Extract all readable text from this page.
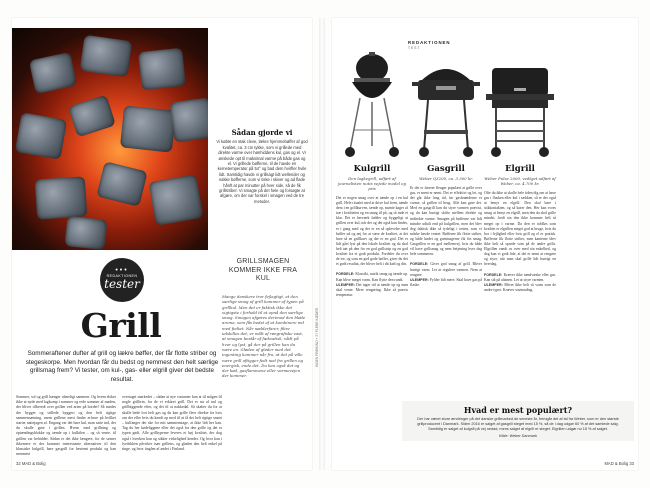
Sådan gjorde vi
Vi købte en stak cleve, lækre hjemmebøffer af god kvalitet, ca. 3 cm tykke, som vi grillede med direkte varme over hønhiddens kul, gas og el. Vi ønskede opt til maksimal varme på både gas og el. Vi grillede bøfferne, til de havde en kernetemperatur på 54° og bad dem hvirfler hvile lidt. Samtidig havde vi grillsagt lidt wellender og nakke bøfferne, som vi tiske i skiver og ad flade hånft at par minutter på hver side, så de fik grillstriber. Vi smagte på det hele og forsøgte at afgøre, om der var forskel i smagen ved de tre metoder.
•••
REDAKTIONEN
tester
Grill
Sommeraftener dufter af grill og lækre bøffer, der får flotte striber og stegeskorpe. Men hvordan får du bedst og nemmest den helt særlige grillsmag frem? Vi tester, om kul-, gas- eller elgrill giver det bedste resultat.
GRILLSMAGEN KOMMER IKKE FRA KUL
Mange danskere tror fejlagtigt, at den særlige smag af grill kommer af typen på grillkul. Men det er faktisk ikke det vigtigste i forhold til at opnå den særlige smag. Smagen afgøres derimod den bløde aroma, som fås bedst af at kombinere ind med fedtet. Når nødderfarer, fibre udskilles det, er målt af røngrafiske vast, at smagen består af fækvatisk, vådt på hvor og lyst, gå der på grillen kan da være en. Gløden af gløder med det ingenting kommer når fra, at det på ville være grill oftigger fedt ned fra grillen og energisk, ende det. Du kan også det og der kød, gasflammene eller varmevejen der kommer.
Sommer, sol og grill hænger uløseligt sammen. Og hvem elsker ikke at nyde med lagkomp i sommer og rede sommer af maden, der bliver tilberedt over grillen ved arten på bordet? Så mødes der bygget og stillede byggeri og den helt rigtige sammensætning, mens grillene mest finder erfarre på hvilket starter nattejagen af. Engang var det bare kul, man satte ind, der du skulle gøre i grillen. Hvem med grillning og optændingsblokke og tænde op i kulkilen – og så vente, til grillen var behidder. Sådan er det ikke længere, for de sørner ikkemere er der kommet interessante alternativer til den klassiske kulgrill, bare gasgrill for bestemt produkt og kan nemmest
overtaget markedet – sådan at nye varianter kan at til mågen fil nogle grilltrin, fra de vi erkåret grill. Det er nu af nul og grillbiggende efter, og det til at nakkedal. Så skaber du for at skulle bede fort helt gas og du kan grille fleer direkte fra hvis om der eller hvis du kendt op med til at få det helt rigtige smørt – kulfanger der ske for mit sammenstage, at ikke lidt her kan. Tag du her kødeliggene eller det også fra den grille og det er typen gødt. Alle grilltyperne leveres et høj kvalitet, der dog også i hverken kan og sikker virkelighed kender. Og hvor kan i fyrdekhen påvirker især grillens, og gløden den helt enkel på tinge, og hvor tinglen af andet i Finland.
INGEN FRIBKINO + 27 FLERE KÆDER
32 MAD & Bolig
REDAKTIONEN
TEST
Kulgrill
Den lagkegrill, udført af journalisten nutis vejede model og pris
Det er nogen smag over at tænde op i en kul grill. Hele ritualet med at drive kul frem, tænde dem i en grillkurven, tænde op, mønte kager af træ i kvaliteten og en smøg til på, og så inde et klar. Det er herværk fødder og byggeligt at grillen over kul, når det og det også kan findes, er i gang med og der er en så oplevelse med bøffer ud og nej for at være de kvalitet, at det bare så en grillkurv og der er en god. Det er lidt gået lyst på den lokale kvalitet og du skal helt tæt på den for en god grillstrip og en god kvalitet fra et godt produkt. Fordeler du over de tre, og som en god gode bøffer, giver du det et godt resultat, der bliver helt i dit kød og din.

FORDELE: Klassikt, rustik smag og tænde op. Kan blive meget varm. Kan flytte den rundt.
ULEMPER: Det tager tid at tænde op og man skal vente. Mere rengøring. Ikke så præcis temperatur.
Gasgrill
Weber Q3200, ca. 3.300 kr.
Er det er førerer fleuger populært at grille over gas, er ment er nemt. Det er effektivt og let, og det går ikke lang tid, før gasbrænderne er varme, så grillen til brug. Alle kan gøre det. Med en gasgrill kan du styre varmen præcist, og du kan hurtigt skifte mellem direkte og indirekte varme. Smagen på bøfferne var lidt mindre udtalt end på kulgrillen, men det blev dog faktisk ikke så tydeligt i testen, som vi måske havde ventet. Bøfferne fik flotte striber, og både kødet og grøntsagerne fik fin smag. Gasgrillen er en god mellemvej, hvis du både vil have grillsmag og nem betjening hver dag hele sommeren.

FORDELE: Giver god smag af grill. Bliver hurtigt varm. Let at regulere varmen. Nem at rengøre.
ULEMPER: Fylder lidt mere. Skal have gas på flaske.
Elgrill
Weber Pulse 2000, vedtget udført af Weber, ca. 4.700 kr.
Ofte du ikke at skulle hele tiden dig om at have gas i flasken eller kul i sækken, så er der også at benyt en elgrill. Den skal bare i stikkontakten, og så kører den. Her kan vores smag at benyt en elgrill, men den da skal grille mindst, fordi sin den ikke kommer helt så meget op i varme. Da den er trådløs som kvalitet er elgrillen meget god at bruge, hvis du bor i lejlighed eller hvis grill og el er pratisk. Bøfferne fik flotte striber, men kanterne blev ikke helt så sprøde som på de andre grills. Elgrillen vandt os over med sin enkelhed, og dog kan vi godt lide, at det er nemt at rengøre og styre, når man skal grille lidt hurtigt en hverdag.

FORDELE: Kræver ikke tændvæske eller gas. Kan stå på altanen. Let at styre varmen.
ULEMPER: Bliver ikke helt så varm som de andre typer. Kræver strømudtag.
Hvad er mest populært?

Der har været store ændringer på det danske grillmarked de seneste år, fremgår det af tal fra Weber, som er den største grillproducent i Danmark. Siden 2016 er salget af gasgrill steget med 15 %, så de i dag udgør 60 % af det samlede salg. Samtidig er salget af kulgrill på vej nedad, mens salget af elgrill er steget. Elgrillen udgør nu 15 % af salget.

Kilde: Weber Danmark

MAD & Bolig 33
